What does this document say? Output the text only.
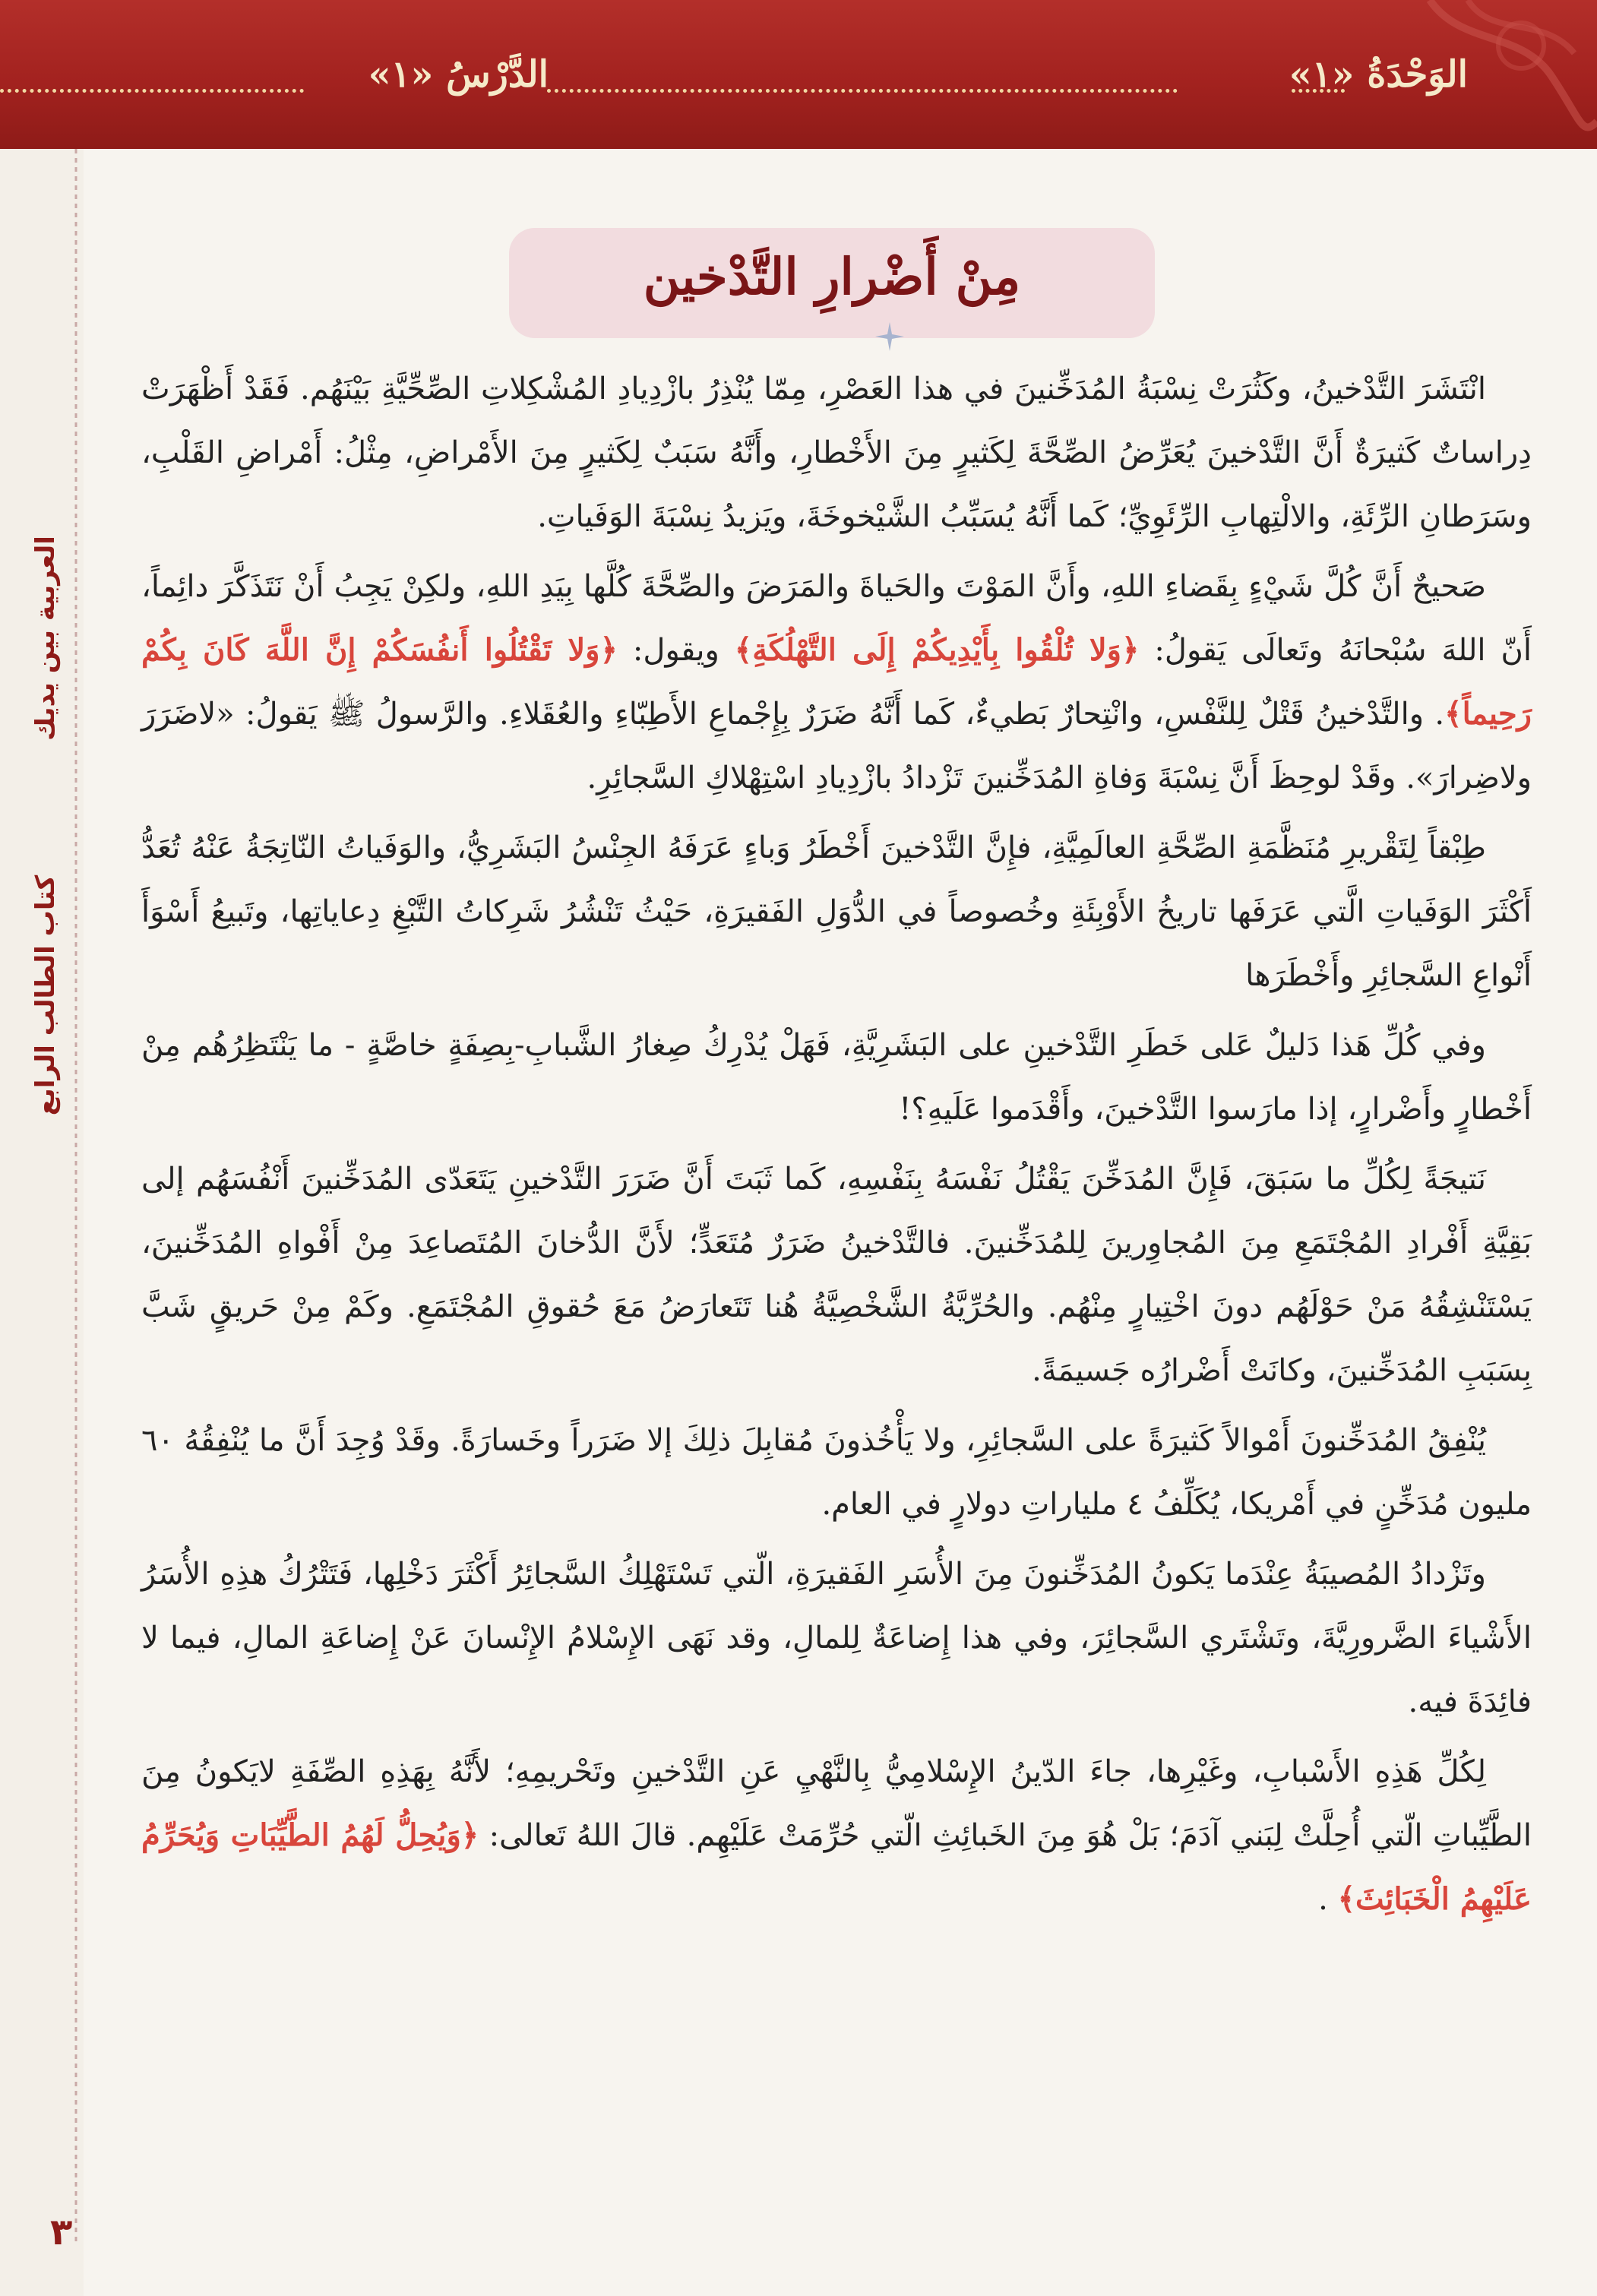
الوَحْدَةُ «١»
الدَّرْسُ «١»
العربية بين يديك
كتاب الطالب الرابع
مِنْ أَضْرارِ التَّدْخين

انْتَشَرَ التَّدْخينُ، وكَثُرَتْ نِسْبَةُ المُدَخِّنينَ في هذا العَصْرِ، مِمّا يُنْذِرُ بازْدِيادِ المُشْكِلاتِ الصِّحِّيَّةِ بَيْنَهُم. فَقَدْ أَظْهَرَتْ دِراساتٌ كَثيرَةٌ أَنَّ التَّدْخينَ يُعَرِّضُ الصِّحَّةَ لِكَثيرٍ مِنَ الأَخْطارِ، وأَنَّهُ سَبَبٌ لِكَثيرٍ مِنَ الأَمْراضِ، مِثْلُ: أَمْراضِ القَلْبِ، وسَرَطانِ الرِّئَةِ، والالْتِهابِ الرِّئَوِيِّ؛ كَما أَنَّهُ يُسَبِّبُ الشَّيْخوخَةَ، ويَزيدُ نِسْبَةَ الوَفَياتِ.

صَحيحٌ أَنَّ كُلَّ شَيْءٍ بِقَضاءِ اللهِ، وأَنَّ المَوْتَ والحَياةَ والمَرَضَ والصِّحَّةَ كُلَّها بِيَدِ اللهِ، ولكِنْ يَجِبُ أَنْ نَتَذَكَّرَ دائِماً، أَنّ اللهَ سُبْحانَهُ وتَعالَى يَقولُ: ﴿وَلا تُلْقُوا بِأَيْدِيكُمْ إِلَى التَّهْلُكَةِ﴾ ويقول: ﴿وَلا تَقْتُلُوا أَنفُسَكُمْ إِنَّ اللَّهَ كَانَ بِكُمْ رَحِيماً﴾. والتَّدْخينُ قَتْلٌ لِلنَّفْسِ، وانْتِحارٌ بَطيءٌ، كَما أَنَّهُ ضَرَرٌ بِإِجْماعِ الأَطِبّاءِ والعُقَلاءِ. والرَّسولُ ﷺ يَقولُ: «لاضَرَرَ ولاضِرارَ». وقَدْ لوحِظَ أَنَّ نِسْبَةَ وَفاةِ المُدَخِّنينَ تَزْدادُ بازْدِيادِ اسْتِهْلاكِ السَّجائِرِ.

طِبْقاً لِتَقْريرِ مُنَظَّمَةِ الصِّحَّةِ العالَمِيَّةِ، فإِنَّ التَّدْخينَ أَخْطَرُ وَباءٍ عَرَفَهُ الجِنْسُ البَشَرِيُّ، والوَفَياتُ النّاتِجَةُ عَنْهُ تُعَدُّ أَكْثَرَ الوَفَياتِ الَّتي عَرَفَها تاريخُ الأَوْبِئَةِ وخُصوصاً في الدُّوَلِ الفَقيرَةِ، حَيْثُ تَنْشُرُ شَرِكاتُ التَّبْغِ دِعاياتِها، وتَبيعُ أَسْوَأَ أَنْواعِ السَّجائِرِ وأَخْطَرَها

وفي كُلِّ هَذا دَليلٌ عَلى خَطَرِ التَّدْخينِ على البَشَرِيَّةِ، فَهَلْ يُدْرِكُ صِغارُ الشَّبابِ-بِصِفَةٍ خاصَّةٍ - ما يَنْتَظِرُهُم مِنْ أَخْطارٍ وأَضْرارٍ، إذا مارَسوا التَّدْخينَ، وأَقْدَموا عَلَيهِ؟!

نَتيجَةً لِكُلِّ ما سَبَقَ، فَإِنَّ المُدَخِّنَ يَقْتُلُ نَفْسَهُ بِنَفْسِهِ، كَما ثَبَتَ أَنَّ ضَرَرَ التَّدْخينِ يَتَعَدّى المُدَخِّنينَ أَنْفُسَهُم إلى بَقِيَّةِ أَفْرادِ المُجْتَمَعِ مِنَ المُجاوِرينَ لِلمُدَخِّنينَ. فالتَّدْخينُ ضَرَرٌ مُتَعَدٍّ؛ لأَنَّ الدُّخانَ المُتَصاعِدَ مِنْ أَفْواهِ المُدَخِّنينَ، يَسْتَنْشِقُهُ مَنْ حَوْلَهُم دونَ اخْتِيارٍ مِنْهُم. والحُرِّيَّةُ الشَّخْصِيَّةُ هُنا تَتَعارَضُ مَعَ حُقوقِ المُجْتَمَعِ. وكَمْ مِنْ حَريقٍ شَبَّ بِسَبَبِ المُدَخِّنينَ، وكانَتْ أَضْرارُه جَسيمَةً.

يُنْفِقُ المُدَخِّنونَ أَمْوالاً كَثيرَةً على السَّجائِرِ، ولا يَأْخُذونَ مُقابِلَ ذلِكَ إلا ضَرَراً وخَسارَةً. وقَدْ وُجِدَ أَنَّ ما يُنْفِقُهُ ٦٠ مليون مُدَخِّنٍ في أَمْريكا، يُكَلِّفُ ٤ ملياراتِ دولارٍ في العام.

وتَزْدادُ المُصيبَةُ عِنْدَما يَكونُ المُدَخِّنونَ مِنَ الأُسَرِ الفَقيرَةِ، الّتي تَسْتَهْلِكُ السَّجائِرُ أَكْثَرَ دَخْلِها، فَتَتْرُكُ هذِهِ الأُسَرُ الأَشْياءَ الضَّرورِيَّةَ، وتَشْتَري السَّجائِرَ، وفي هذا إِضاعَةٌ لِلمالِ، وقد نَهَى الإِسْلامُ الإِنْسانَ عَنْ إِضاعَةِ المالِ، فيما لا فائِدَةَ فيه.

لِكُلِّ هَذِهِ الأَسْبابِ، وغَيْرِها، جاءَ الدّينُ الإِسْلامِيُّ بِالنَّهْيِ عَنِ التَّدْخينِ وتَحْريمِهِ؛ لأَنَّهُ بِهَذِهِ الصِّفَةِ لايَكونُ مِنَ الطَّيِّباتِ الّتي أُحِلَّتْ لِبَني آدَمَ؛ بَلْ هُوَ مِنَ الخَبائِثِ الّتي حُرِّمَتْ عَلَيْهِم. قالَ اللهُ تَعالى: ﴿وَيُحِلُّ لَهُمُ الطَّيِّبَاتِ وَيُحَرِّمُ عَلَيْهِمُ الْخَبَائِثَ﴾ .

٣
